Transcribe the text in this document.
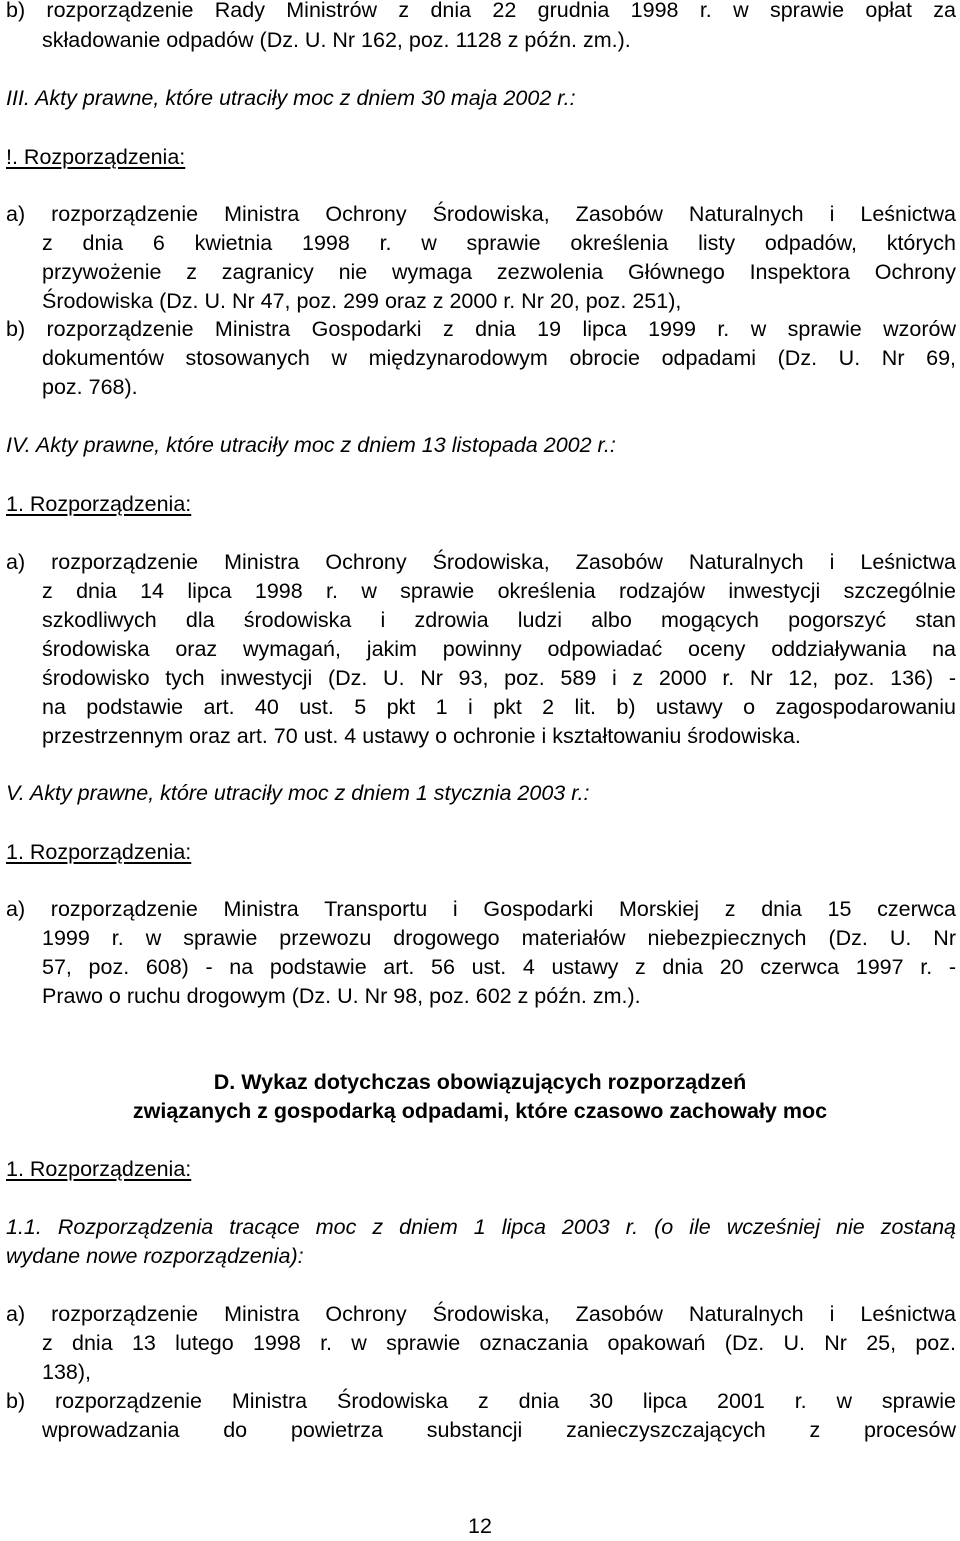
b) rozporządzenie Rady Ministrów z dnia 22 grudnia 1998 r. w sprawie opłat za
składowanie odpadów (Dz. U. Nr 162, poz. 1128 z późn. zm.).
III. Akty prawne, które utraciły moc z dniem 30 maja 2002 r.:
!. Rozporządzenia:
a) rozporządzenie Ministra Ochrony Środowiska, Zasobów Naturalnych i Leśnictwa
z dnia 6 kwietnia 1998 r. w sprawie określenia listy odpadów, których
przywożenie z zagranicy nie wymaga zezwolenia Głównego Inspektora Ochrony
Środowiska (Dz. U. Nr 47, poz. 299 oraz z 2000 r. Nr 20, poz. 251),
b) rozporządzenie Ministra Gospodarki z dnia 19 lipca 1999 r. w sprawie wzorów
dokumentów stosowanych w międzynarodowym obrocie odpadami (Dz. U. Nr 69,
poz. 768).
IV. Akty prawne, które utraciły moc z dniem 13 listopada 2002 r.:
1. Rozporządzenia:
a) rozporządzenie Ministra Ochrony Środowiska, Zasobów Naturalnych i Leśnictwa
z dnia 14 lipca 1998 r. w sprawie określenia rodzajów inwestycji szczególnie
szkodliwych dla środowiska i zdrowia ludzi albo mogących pogorszyć stan
środowiska oraz wymagań, jakim powinny odpowiadać oceny oddziaływania na
środowisko tych inwestycji (Dz. U. Nr 93, poz. 589 i z 2000 r. Nr 12, poz. 136) -
na podstawie art. 40 ust. 5 pkt 1 i pkt 2 lit. b) ustawy o zagospodarowaniu
przestrzennym oraz art. 70 ust. 4 ustawy o ochronie i kształtowaniu środowiska.
V. Akty prawne, które utraciły moc z dniem 1 stycznia 2003 r.:
1. Rozporządzenia:
a) rozporządzenie Ministra Transportu i Gospodarki Morskiej z dnia 15 czerwca
1999 r. w sprawie przewozu drogowego materiałów niebezpiecznych (Dz. U. Nr
57, poz. 608) - na podstawie art. 56 ust. 4 ustawy z dnia 20 czerwca 1997 r. -
Prawo o ruchu drogowym (Dz. U. Nr 98, poz. 602 z późn. zm.).
D. Wykaz dotychczas obowiązujących rozporządzeń
związanych z gospodarką odpadami, które czasowo zachowały moc
1. Rozporządzenia:
1.1. Rozporządzenia tracące moc z dniem 1 lipca 2003 r. (o ile wcześniej nie zostaną
wydane nowe rozporządzenia):
a) rozporządzenie Ministra Ochrony Środowiska, Zasobów Naturalnych i Leśnictwa
z dnia 13 lutego 1998 r. w sprawie oznaczania opakowań (Dz. U. Nr 25, poz.
138),
b) rozporządzenie Ministra Środowiska z dnia 30 lipca 2001 r. w sprawie
wprowadzania do powietrza substancji zanieczyszczających z procesów
12
